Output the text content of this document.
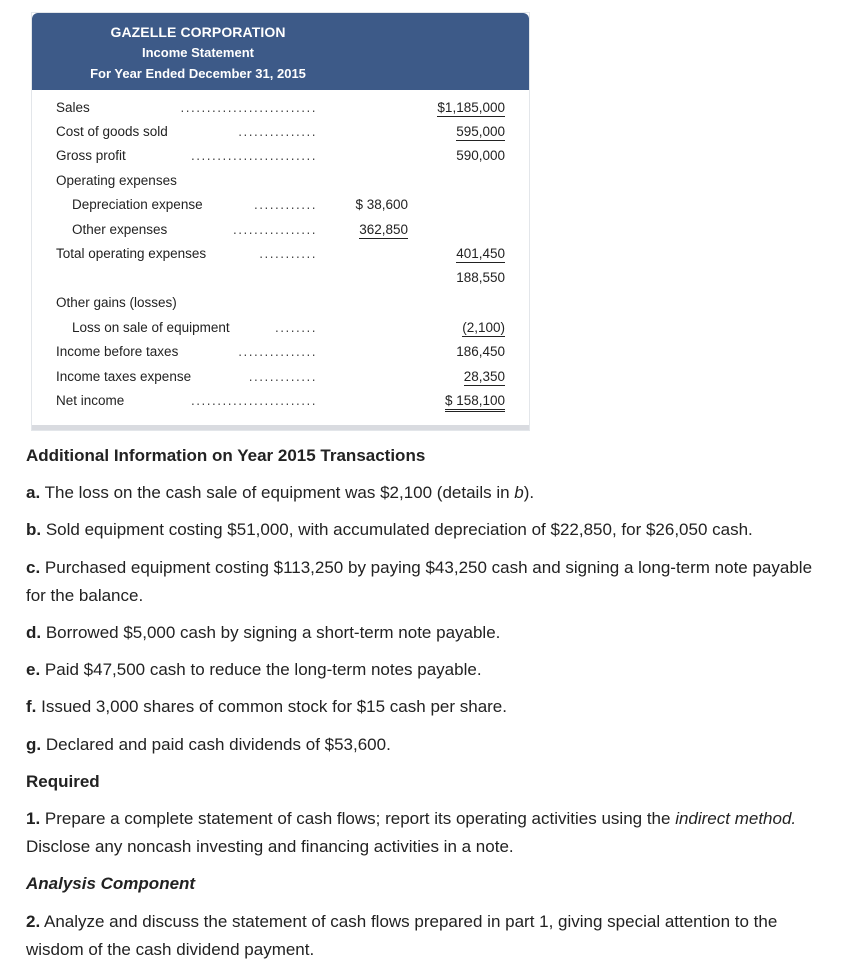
GAZELLE CORPORATION
Income Statement
For Year Ended December 31, 2015
Sales	..........................	$1,185,000
Cost of goods sold	...............	595,000
Gross profit	........................	590,000
Operating expenses
Depreciation expense	............	$ 38,600
Other expenses	................	362,850
Total operating expenses	...........	401,450
188,550
Other gains (losses)
Loss on sale of equipment	........	(2,100)
Income before taxes	...............	186,450
Income taxes expense	.............	28,350
Net income	........................	$ 158,100
Additional Information on Year 2015 Transactions
a. The loss on the cash sale of equipment was $2,100 (details in b).
b. Sold equipment costing $51,000, with accumulated depreciation of $22,850, for $26,050 cash.
c. Purchased equipment costing $113,250 by paying $43,250 cash and signing a long-term note payable for the balance.
d. Borrowed $5,000 cash by signing a short-term note payable.
e. Paid $47,500 cash to reduce the long-term notes payable.
f. Issued 3,000 shares of common stock for $15 cash per share.
g. Declared and paid cash dividends of $53,600.
Required
1. Prepare a complete statement of cash flows; report its operating activities using the indirect method. Disclose any noncash investing and financing activities in a note.
Analysis Component
2. Analyze and discuss the statement of cash flows prepared in part 1, giving special attention to the wisdom of the cash dividend payment.
